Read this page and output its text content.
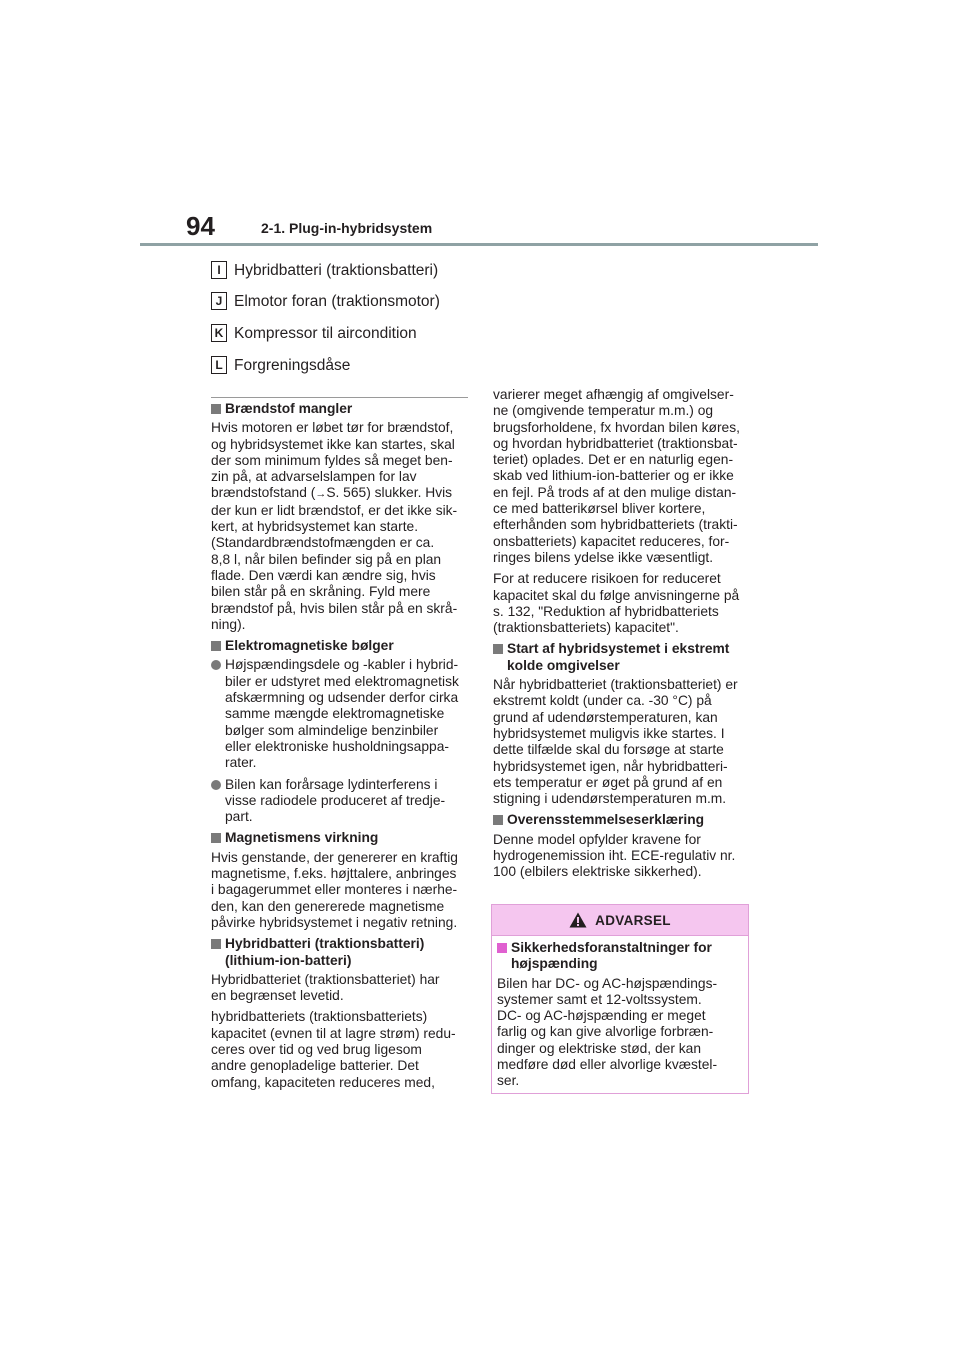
94	2-1. Plug-in-hybridsystem
I Hybridbatteri (traktionsbatteri)
J Elmotor foran (traktionsmotor)
K Kompressor til aircondition
L Forgreningsdåse
Brændstof mangler

Hvis motoren er løbet tør for brændstof,
og hybridsystemet ikke kan startes, skal
der som minimum fyldes så meget ben-
zin på, at advarselslampen for lav
brændstofstand (→S. 565) slukker. Hvis
der kun er lidt brændstof, er det ikke sik-
kert, at hybridsystemet kan starte.
(Standardbrændstofmængden er ca.
8,8 l, når bilen befinder sig på en plan
flade. Den værdi kan ændre sig, hvis
bilen står på en skråning. Fyld mere
brændstof på, hvis bilen står på en skrå-
ning).

Elektromagnetiske bølger
Højspændingsdele og -kabler i hybrid-
biler er udstyret med elektromagnetisk
afskærmning og udsender derfor cirka
samme mængde elektromagnetiske
bølger som almindelige benzinbiler
eller elektroniske husholdningsappa-
rater.
Bilen kan forårsage lydinterferens i
visse radiodele produceret af tredje-
part.
Magnetismens virkning

Hvis genstande, der genererer en kraftig
magnetisme, f.eks. højttalere, anbringes
i bagagerummet eller monteres i nærhe-
den, kan den genererede magnetisme
påvirke hybridsystemet i negativ retning.

Hybridbatteri (traktionsbatteri)
(lithium-ion-batteri)

Hybridbatteriet (traktionsbatteriet) har
en begrænset levetid.

hybridbatteriets (traktionsbatteriets)
kapacitet (evnen til at lagre strøm) redu-
ceres over tid og ved brug ligesom
andre genopladelige batterier. Det
omfang, kapaciteten reduceres med,

varierer meget afhængig af omgivelser-
ne (omgivende temperatur m.m.) og
brugsforholdene, fx hvordan bilen køres,
og hvordan hybridbatteriet (traktionsbat-
teriet) oplades. Det er en naturlig egen-
skab ved lithium-ion-batterier og er ikke
en fejl. På trods af at den mulige distan-
ce med batterikørsel bliver kortere,
efterhånden som hybridbatteriets (trakti-
onsbatteriets) kapacitet reduceres, for-
ringes bilens ydelse ikke væsentligt.

For at reducere risikoen for reduceret
kapacitet skal du følge anvisningerne på
s. 132, "Reduktion af hybridbatteriets
(traktionsbatteriets) kapacitet".

Start af hybridsystemet i ekstremt
kolde omgivelser

Når hybridbatteriet (traktionsbatteriet) er
ekstremt koldt (under ca. -30 °C) på
grund af udendørstemperaturen, kan
hybridsystemet muligvis ikke startes. I
dette tilfælde skal du forsøge at starte
hybridsystemet igen, når hybridbatteri-
ets temperatur er øget på grund af en
stigning i udendørstemperaturen m.m.

Overensstemmelseserklæring

Denne model opfylder kravene for
hydrogenemission iht. ECE-regulativ nr.
100 (elbilers elektriske sikkerhed).

ADVARSEL
Sikkerhedsforanstaltninger for
højspænding

Bilen har DC- og AC-højspændings-
systemer samt et 12-voltssystem.
DC- og AC-højspænding er meget
farlig og kan give alvorlige forbræn-
dinger og elektriske stød, der kan
medføre død eller alvorlige kvæstel-
ser.
